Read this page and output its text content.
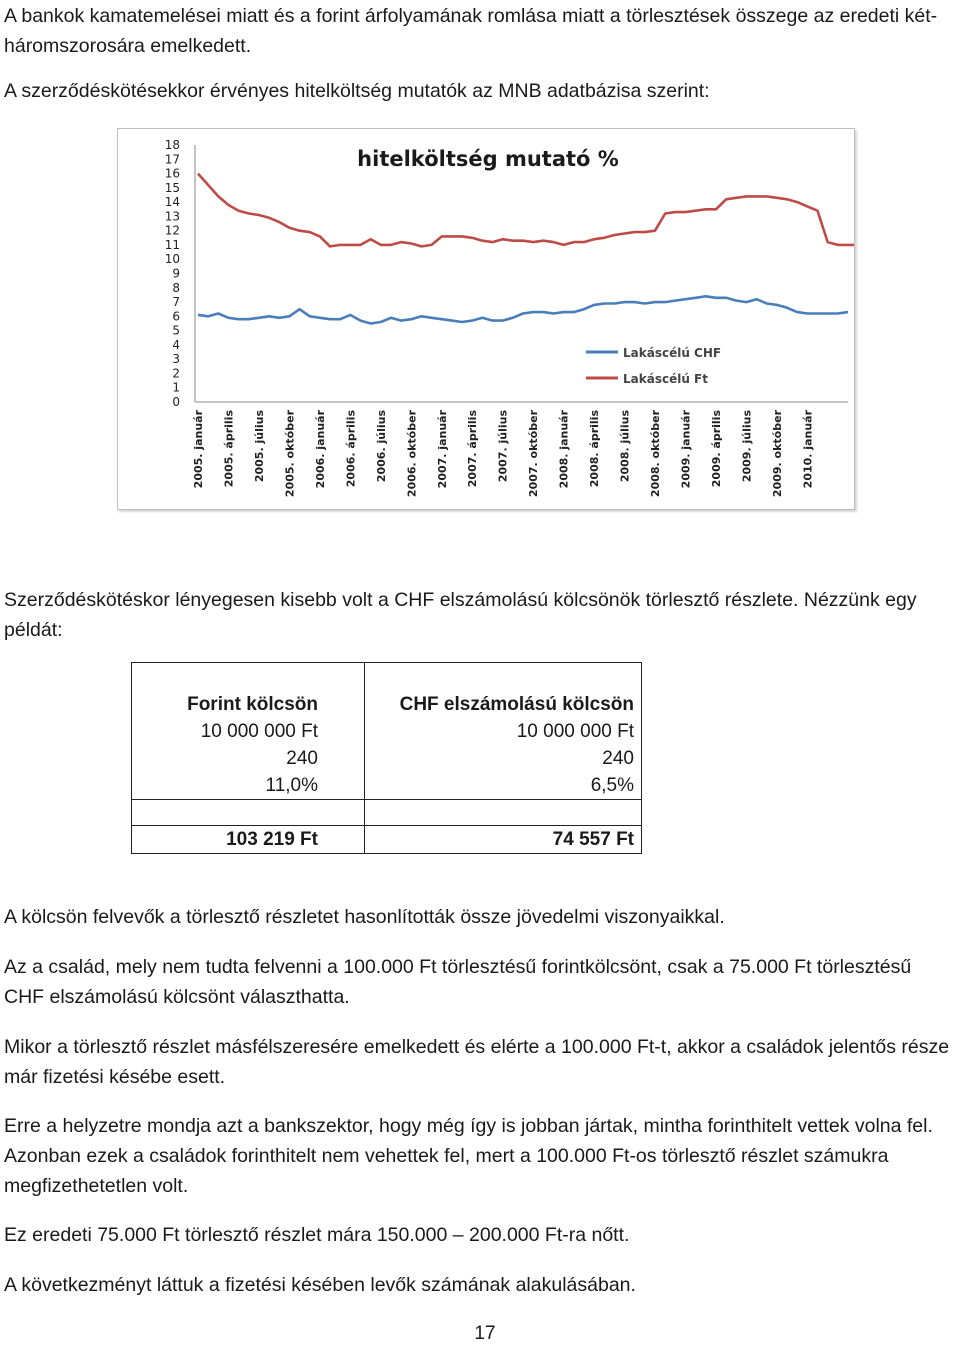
A bankok kamatemelései miatt és a forint árfolyamának romlása miatt a törlesztések összege az eredeti két-háromszorosára emelkedett.

A szerződéskötésekkor érvényes hitelköltség mutatók az MNB adatbázisa szerint:

hitelköltség mutató %
0
1
2
3
4
5
6
7
8
9
10
11
12
13
14
15
16
17
18
2005. január 2005. április 2005. július 2005. október 2006. január 2006. április 2006. július 2006. október 2007. január 2007. április 2007. július 2007. október 2008. január 2008. április 2008. július 2008. október 2009. január 2009. április 2009. július 2009. október 2010. január
Lakáscélú CHF
Lakáscélú Ft

Szerződéskötéskor lényegesen kisebb volt a CHF elszámolású kölcsönök törlesztő részlete. Nézzünk egy példát:

Forint kölcsön	CHF elszámolású kölcsön
10 000 000 Ft	10 000 000 Ft
240	240
11,0%	6,5%
103 219 Ft	74 557 Ft

A kölcsön felvevők a törlesztő részletet hasonlították össze jövedelmi viszonyaikkal.

Az a család, mely nem tudta felvenni a 100.000 Ft törlesztésű forintkölcsönt, csak a 75.000 Ft törlesztésű CHF elszámolású kölcsönt választhatta.

Mikor a törlesztő részlet másfélszeresére emelkedett és elérte a 100.000 Ft-t, akkor a családok jelentős része már fizetési késébe esett.

Erre a helyzetre mondja azt a bankszektor, hogy még így is jobban jártak, mintha forinthitelt vettek volna fel. Azonban ezek a családok forinthitelt nem vehettek fel, mert a 100.000 Ft-os törlesztő részlet számukra megfizethetetlen volt.

Ez eredeti 75.000 Ft törlesztő részlet mára 150.000 – 200.000 Ft-ra nőtt.

A következményt láttuk a fizetési késében levők számának alakulásában.

17
